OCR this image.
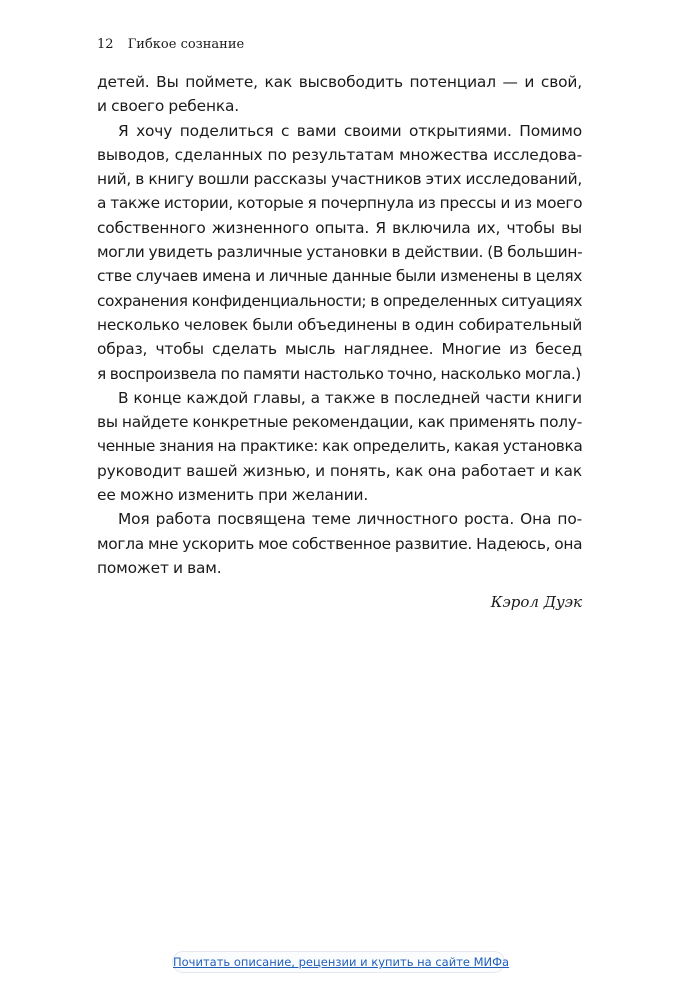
12 Гибкое сознание
детей. Вы поймете, как высвободить потенциал — и свой,
и своего ребенка.
Я хочу поделиться с вами своими открытиями. Помимо
выводов, сделанных по результатам множества исследова-
ний, в книгу вошли рассказы участников этих исследований,
а также истории, которые я почерпнула из прессы и из моего
собственного жизненного опыта. Я включила их, чтобы вы
могли увидеть различные установки в действии. (В большин-
стве случаев имена и личные данные были изменены в целях
сохранения конфиденциальности; в определенных ситуациях
несколько человек были объединены в один собирательный
образ, чтобы сделать мысль нагляднее. Многие из бесед
я воспроизвела по памяти настолько точно, насколько могла.)
В конце каждой главы, а также в последней части книги
вы найдете конкретные рекомендации, как применять полу-
ченные знания на практике: как определить, какая установка
руководит вашей жизнью, и понять, как она работает и как
ее можно изменить при желании.
Моя работа посвящена теме личностного роста. Она по-
могла мне ускорить мое собственное развитие. Надеюсь, она
поможет и вам.
Кэрол Дуэк
Почитать описание, рецензии и купить на сайте МИФа
